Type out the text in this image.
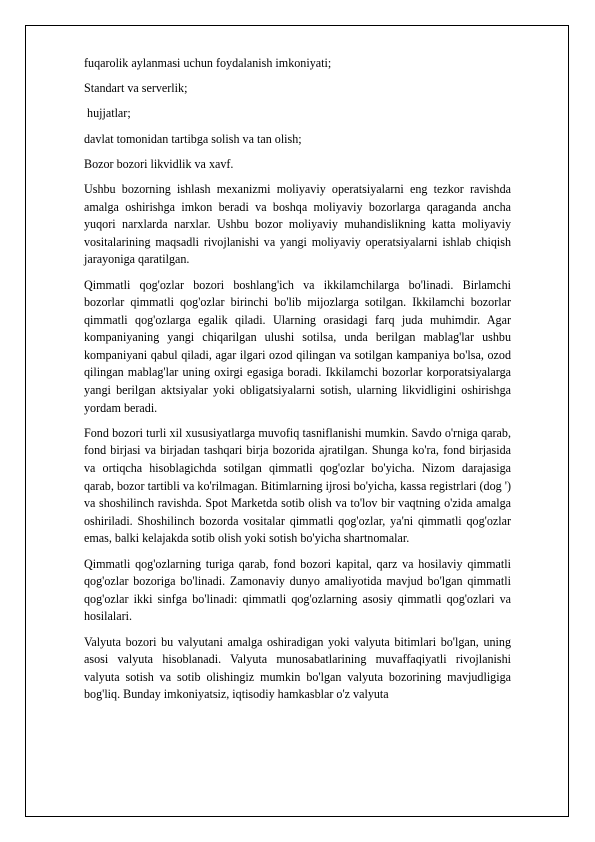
fuqarolik aylanmasi uchun foydalanish imkoniyati;

Standart va serverlik;

hujjatlar;

davlat tomonidan tartibga solish va tan olish;

Bozor bozori likvidlik va xavf.

Ushbu bozorning ishlash mexanizmi moliyaviy operatsiyalarni eng tezkor ravishda amalga oshirishga imkon beradi va boshqa moliyaviy bozorlarga qaraganda ancha yuqori narxlarda narxlar. Ushbu bozor moliyaviy muhandislikning katta moliyaviy vositalarining maqsadli rivojlanishi va yangi moliyaviy operatsiyalarni ishlab chiqish jarayoniga qaratilgan.

Qimmatli qog'ozlar bozori boshlang'ich va ikkilamchilarga bo'linadi. Birlamchi bozorlar qimmatli qog'ozlar birinchi bo'lib mijozlarga sotilgan. Ikkilamchi bozorlar qimmatli qog'ozlarga egalik qiladi. Ularning orasidagi farq juda muhimdir. Agar kompaniyaning yangi chiqarilgan ulushi sotilsa, unda berilgan mablag'lar ushbu kompaniyani qabul qiladi, agar ilgari ozod qilingan va sotilgan kampaniya bo'lsa, ozod qilingan mablag'lar uning oxirgi egasiga boradi. Ikkilamchi bozorlar korporatsiyalarga yangi berilgan aktsiyalar yoki obligatsiyalarni sotish, ularning likvidligini oshirishga yordam beradi.

Fond bozori turli xil xususiyatlarga muvofiq tasniflanishi mumkin. Savdo o'rniga qarab, fond birjasi va birjadan tashqari birja bozorida ajratilgan. Shunga ko'ra, fond birjasida va ortiqcha hisoblagichda sotilgan qimmatli qog'ozlar bo'yicha. Nizom darajasiga qarab, bozor tartibli va ko'rilmagan. Bitimlarning ijrosi bo'yicha, kassa registrlari (dog ') va shoshilinch ravishda. Spot Marketda sotib olish va to'lov bir vaqtning o'zida amalga oshiriladi. Shoshilinch bozorda vositalar qimmatli qog'ozlar, ya'ni qimmatli qog'ozlar emas, balki kelajakda sotib olish yoki sotish bo'yicha shartnomalar.

Qimmatli qog'ozlarning turiga qarab, fond bozori kapital, qarz va hosilaviy qimmatli qog'ozlar bozoriga bo'linadi. Zamonaviy dunyo amaliyotida mavjud bo'lgan qimmatli qog'ozlar ikki sinfga bo'linadi: qimmatli qog'ozlarning asosiy qimmatli qog'ozlari va hosilalari.

Valyuta bozori bu valyutani amalga oshiradigan yoki valyuta bitimlari bo'lgan, uning asosi valyuta hisoblanadi. Valyuta munosabatlarining muvaffaqiyatli rivojlanishi valyuta sotish va sotib olishingiz mumkin bo'lgan valyuta bozorining mavjudligiga bog'liq. Bunday imkoniyatsiz, iqtisodiy hamkasblar o'z valyuta
